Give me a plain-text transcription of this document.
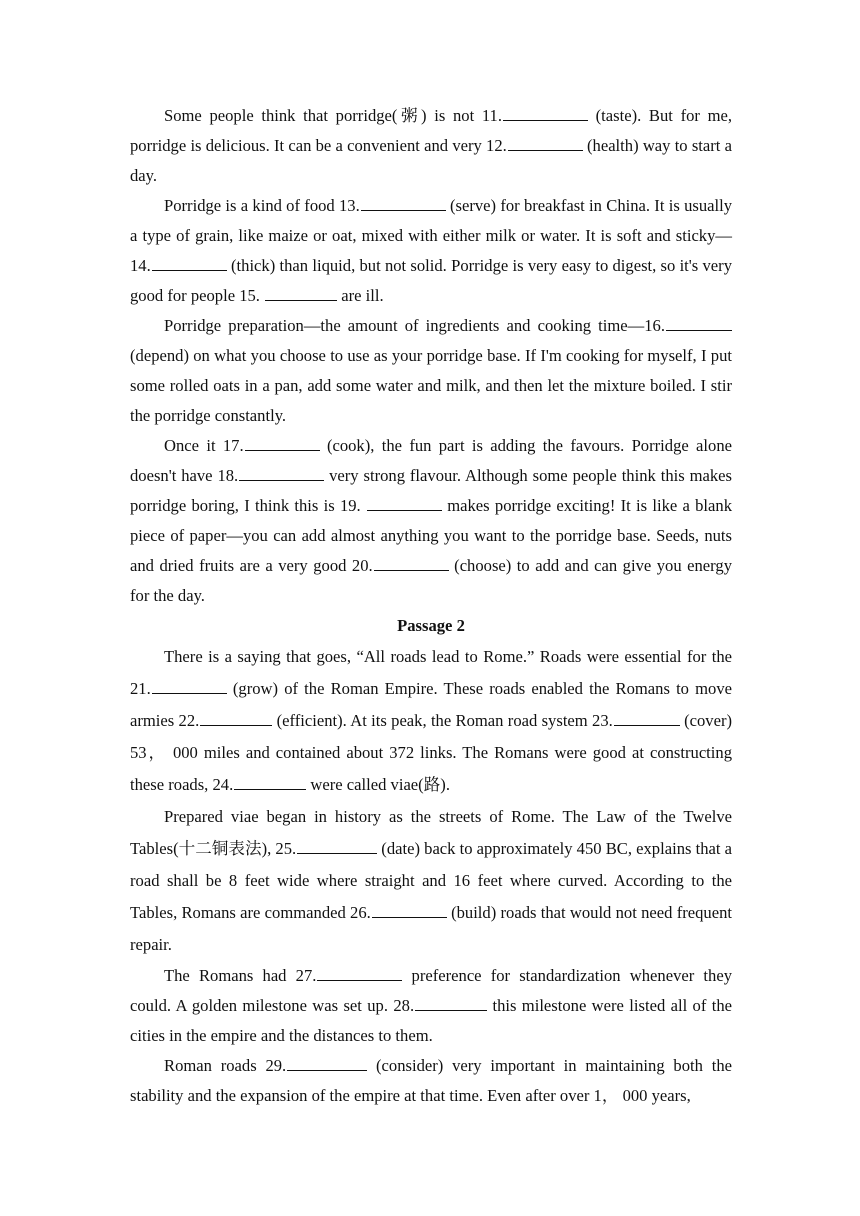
Some people think that porridge(粥) is not 11.	(taste). But for me, porridge is delicious. It can be a convenient and very 12.	(health) way to start a day.

Porridge is a kind of food 13.	(serve) for breakfast in China. It is usually a type of grain, like maize or oat, mixed with either milk or water. It is soft and sticky—14.	(thick) than liquid, but not solid. Porridge is very easy to digest, so it's very good for people 15.	are ill.

Porridge preparation—the amount of ingredients and cooking time—16. (depend) on what you choose to use as your porridge base. If I'm cooking for myself, I put some rolled oats in a pan, add some water and milk, and then let the mixture boiled. I stir the porridge constantly.

Once it 17.	(cook), the fun part is adding the favours. Porridge alone doesn't have 18.	very strong flavour. Although some people think this makes porridge boring, I think this is 19.	makes porridge exciting! It is like a blank piece of paper—you can add almost anything you want to the porridge base. Seeds, nuts and dried fruits are a very good 20.	(choose) to add and can give you energy for the day.

Passage 2

There is a saying that goes, “All roads lead to Rome.” Roads were essential for the 21.	(grow) of the Roman Empire. These roads enabled the Romans to move armies 22.	(efficient). At its peak, the Roman road system 23.	(cover) 53， 000 miles and contained about 372 links. The Romans were good at constructing these roads, 24.	were called viae(路).

Prepared viae began in history as the streets of Rome. The Law of the Twelve Tables(十二铜表法), 25.	(date) back to approximately 450 BC, explains that a road shall be 8 feet wide where straight and 16 feet where curved. According to the Tables, Romans are commanded 26.	(build) roads that would not need frequent repair.

The Romans had 27.	preference for standardization whenever they could. A golden milestone was set up. 28.	this milestone were listed all of the cities in the empire and the distances to them.

Roman roads 29.	(consider) very important in maintaining both the stability and the expansion of the empire at that time. Even after over 1， 000 years,
